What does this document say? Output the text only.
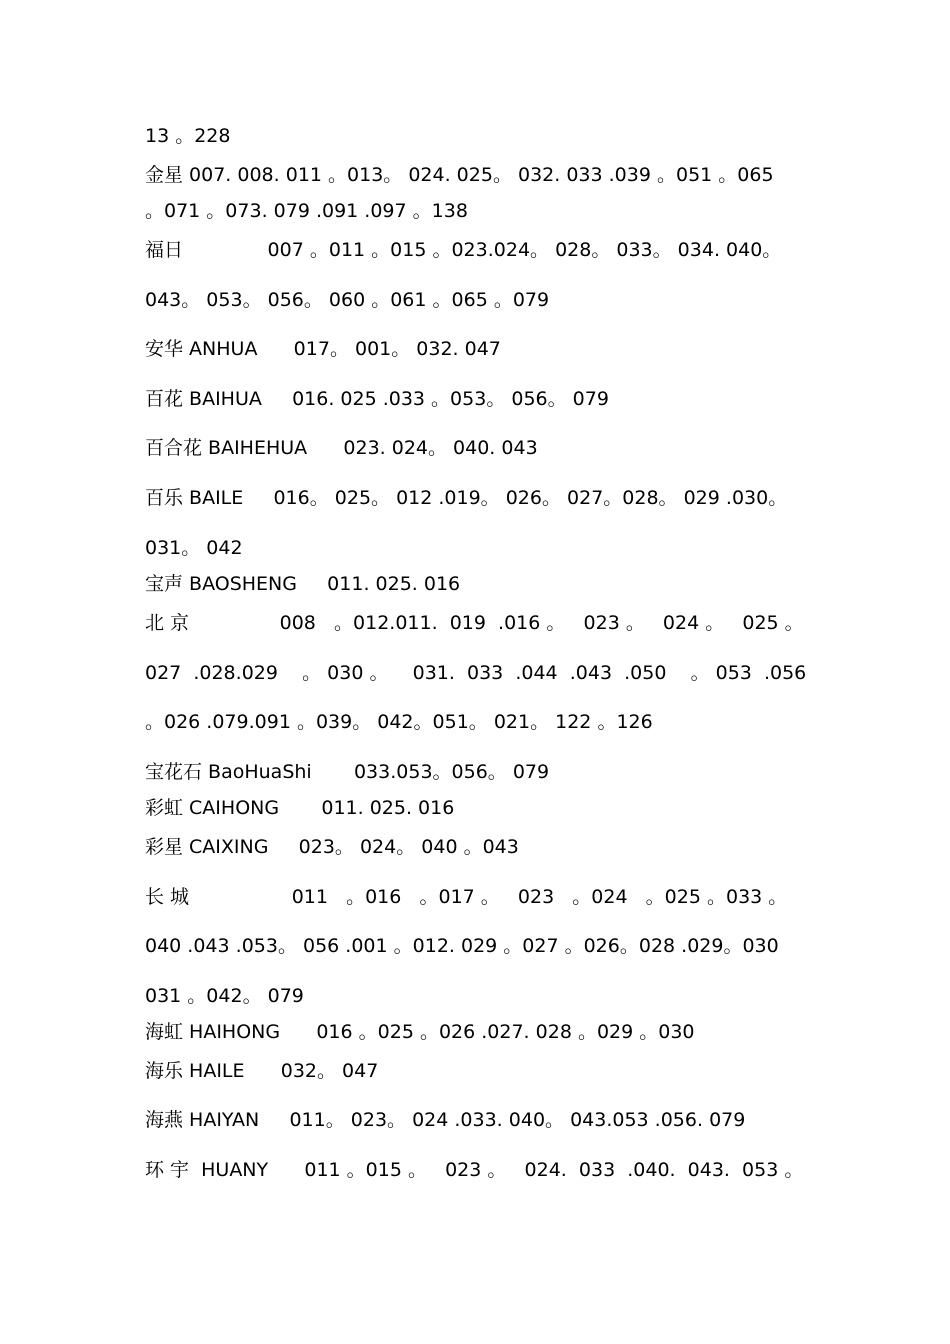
13 。228
金星 007. 008. 011 。013。 024. 025。 032. 033 .039 。051 。065
。071 。073. 079 .091 .097 。138
福日              007 。011 。015 。023.024。 028。 033。 034. 040。
043。 053。 056。 060 。061 。065 。079
安华 ANHUA      017。 001。 032. 047
百花 BAIHUA     016. 025 .033 。053。 056。 079
百合花 BAIHEHUA      023. 024。 040. 043
百乐 BAILE     016。 025。 012 .019。 026。 027。028。 029 .030。
031。 042
宝声 BAOSHENG     011. 025. 016
北 京               008   。012.011.  019  .016 。   023 。   024 。   025 。
027  .028.029    。 030 。    031.  033  .044  .043  .050    。 053  .056
。026 .079.091 。039。 042。051。 021。 122 。126
宝花石 BaoHuaShi       033.053。056。 079
彩虹 CAIHONG       011. 025. 016
彩星 CAIXING     023。 024。 040 。043
长 城                 011   。016   。017 。   023   。024   。025 。033 。
040 .043 .053。 056 .001 。012. 029 。027 。026。028 .029。030
031 。042。 079
海虹 HAIHONG      016 。025 。026 .027. 028 。029 。030
海乐 HAILE      032。 047
海燕 HAIYAN     011。 023。 024 .033. 040。 043.053 .056. 079
环 宇  HUANY      011 。015 。   023 。   024.  033  .040.  043.  053 。
